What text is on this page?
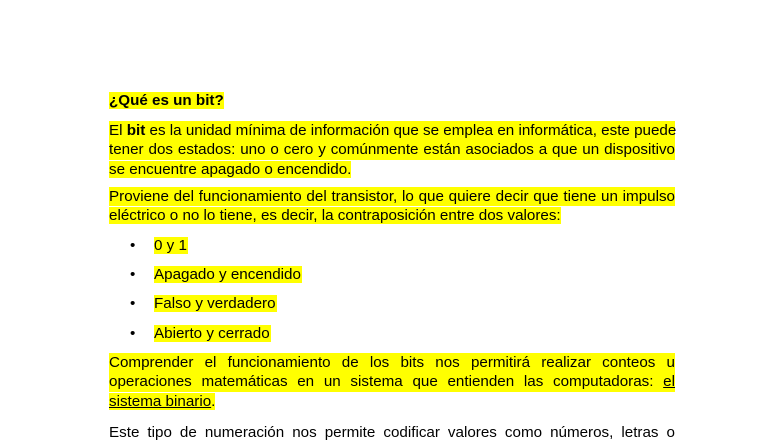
¿Qué es un bit?
El bit es la unidad mínima de información que se emplea en informática, este puede
tener dos estados: uno o cero y comúnmente están asociados a que un dispositivo
se encuentre apagado o encendido.
Proviene del funcionamiento del transistor, lo que quiere decir que tiene un impulso
eléctrico o no lo tiene, es decir, la contraposición entre dos valores:
• 0 y 1
• Apagado y encendido
• Falso y verdadero
• Abierto y cerrado
Comprender el funcionamiento de los bits nos permitirá realizar conteos u
operaciones matemáticas en un sistema que entienden las computadoras: el
sistema binario.
Este tipo de numeración nos permite codificar valores como números, letras o
